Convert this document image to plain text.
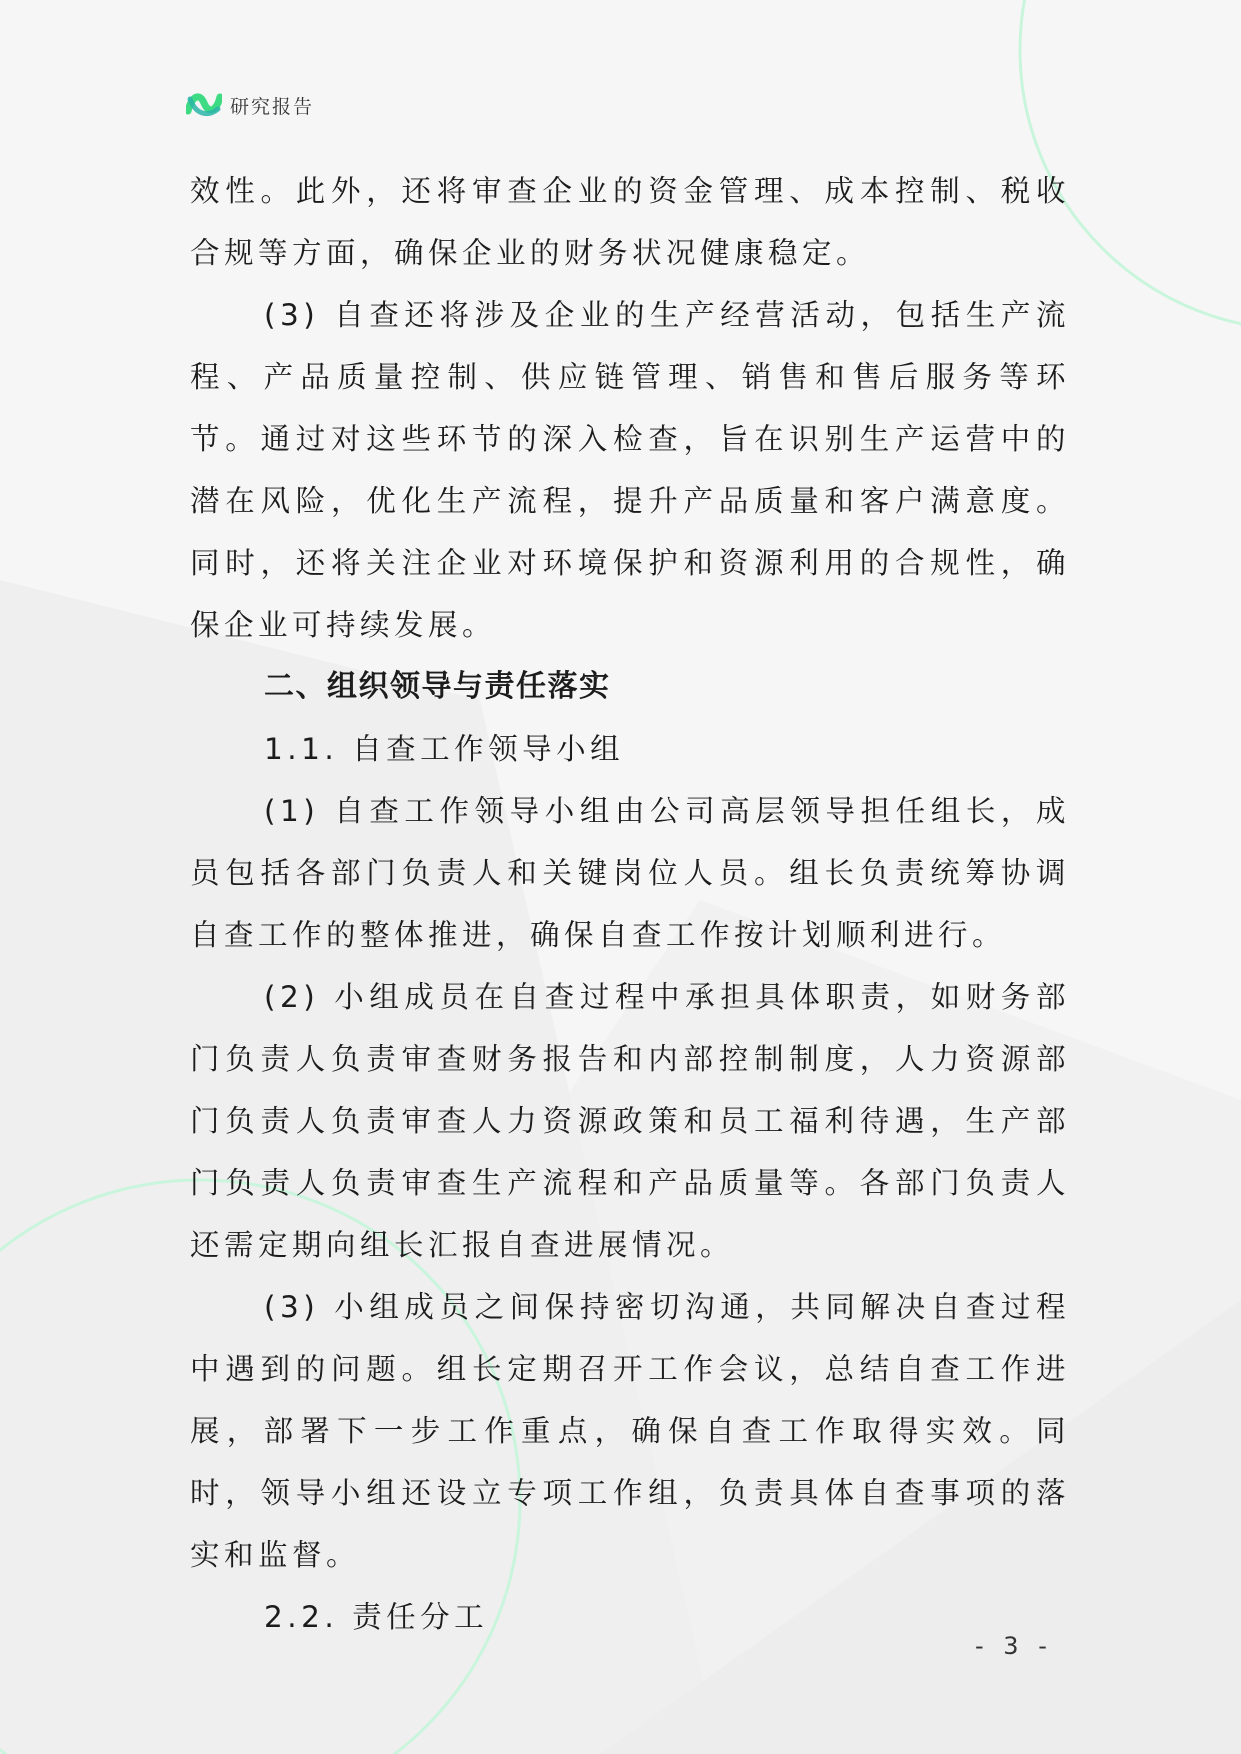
研究报告

效性。此外，还将审查企业的资金管理、成本控制、税收合规等方面，确保企业的财务状况健康稳定。

(3) 自查还将涉及企业的生产经营活动，包括生产流程、产品质量控制、供应链管理、销售和售后服务等环节。通过对这些环节的深入检查，旨在识别生产运营中的潜在风险，优化生产流程，提升产品质量和客户满意度。同时，还将关注企业对环境保护和资源利用的合规性，确保企业可持续发展。

二、组织领导与责任落实

1.1. 自查工作领导小组

(1) 自查工作领导小组由公司高层领导担任组长，成员包括各部门负责人和关键岗位人员。组长负责统筹协调自查工作的整体推进，确保自查工作按计划顺利进行。

(2) 小组成员在自查过程中承担具体职责，如财务部门负责人负责审查财务报告和内部控制制度，人力资源部门负责人负责审查人力资源政策和员工福利待遇，生产部门负责人负责审查生产流程和产品质量等。各部门负责人还需定期向组长汇报自查进展情况。

(3) 小组成员之间保持密切沟通，共同解决自查过程中遇到的问题。组长定期召开工作会议，总结自查工作进展，部署下一步工作重点，确保自查工作取得实效。同时，领导小组还设立专项工作组，负责具体自查事项的落实和监督。

2.2. 责任分工

- 3 -
